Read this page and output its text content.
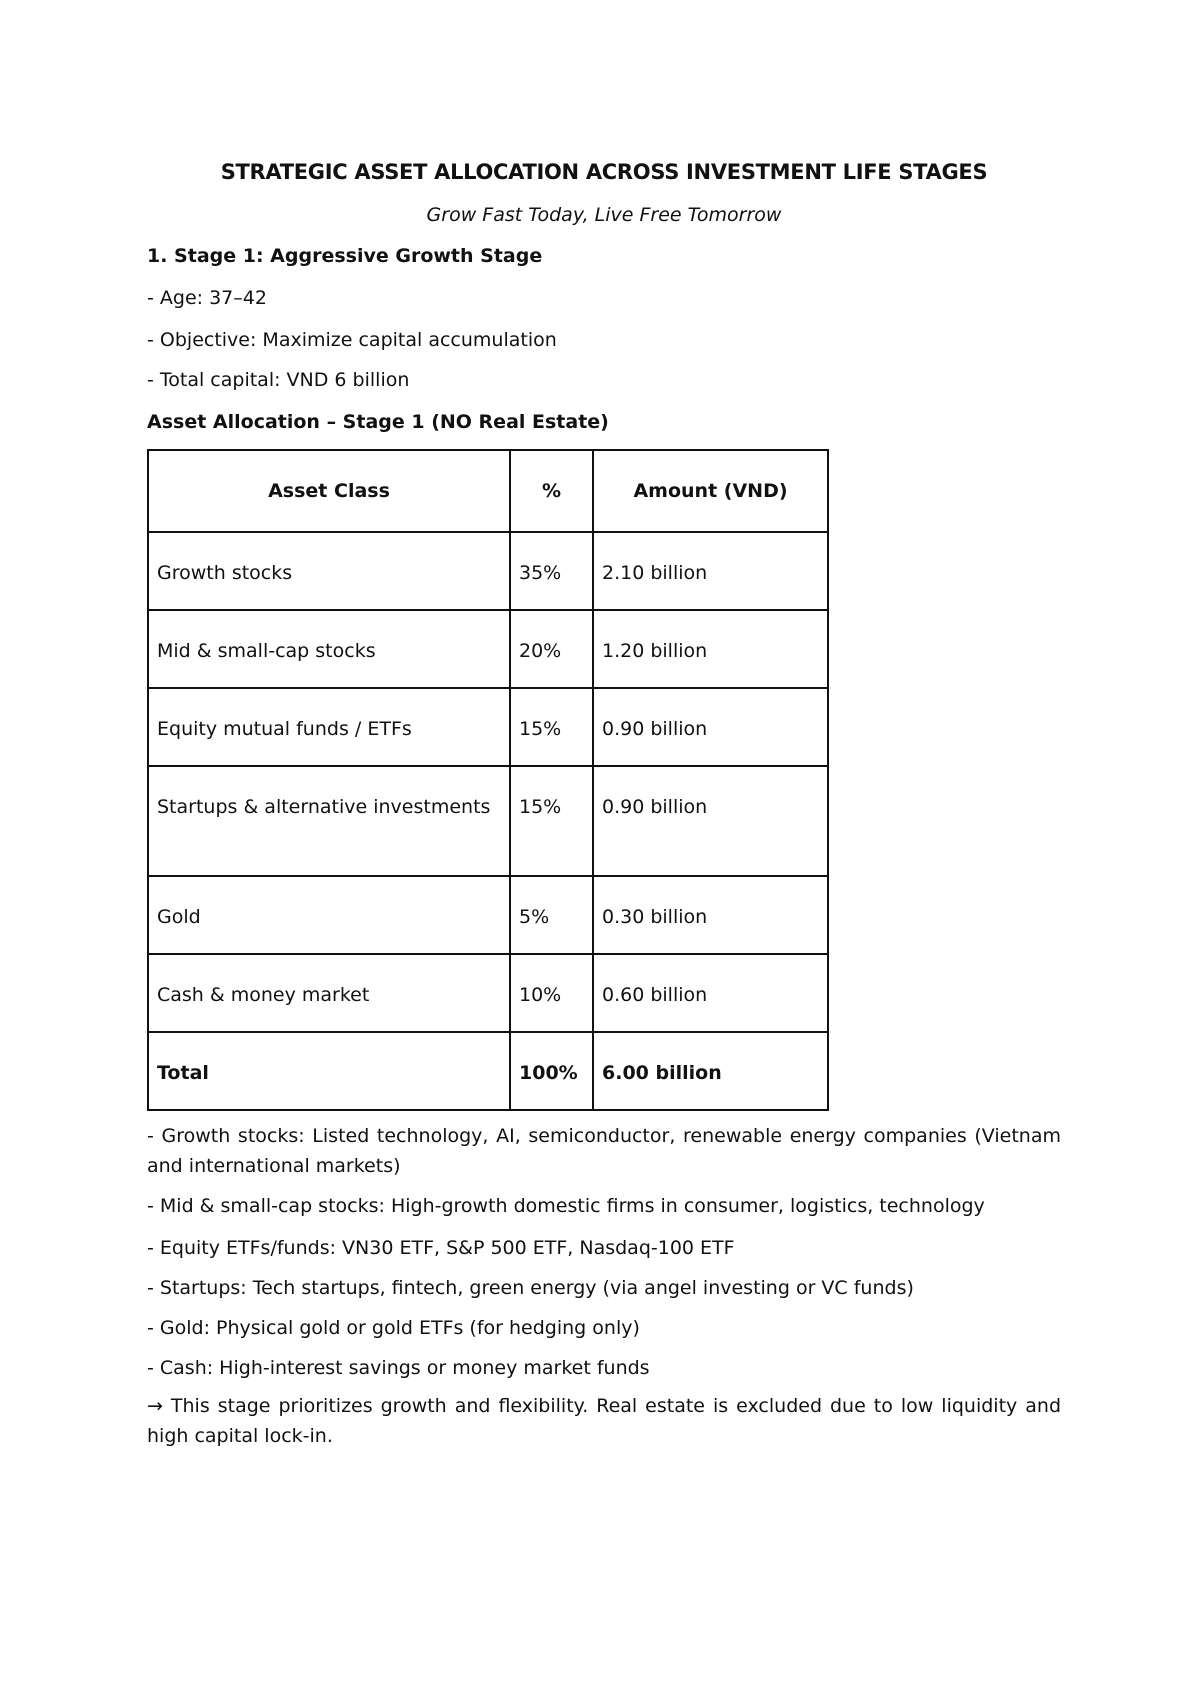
STRATEGIC ASSET ALLOCATION ACROSS INVESTMENT LIFE STAGES

Grow Fast Today, Live Free Tomorrow

1. Stage 1: Aggressive Growth Stage

- Age: 37–42

- Objective: Maximize capital accumulation

- Total capital: VND 6 billion

Asset Allocation – Stage 1 (NO Real Estate)

Asset Class	%	Amount (VND)
Growth stocks	35%	2.10 billion
Mid & small-cap stocks	20%	1.20 billion
Equity mutual funds / ETFs	15%	0.90 billion
Startups & alternative investments	15%	0.90 billion
Gold	5%	0.30 billion
Cash & money market	10%	0.60 billion
Total	100%	6.00 billion

- Growth stocks: Listed technology, AI, semiconductor, renewable energy companies (Vietnam and international markets)

- Mid & small-cap stocks: High-growth domestic firms in consumer, logistics, technology

- Equity ETFs/funds: VN30 ETF, S&P 500 ETF, Nasdaq-100 ETF

- Startups: Tech startups, fintech, green energy (via angel investing or VC funds)

- Gold: Physical gold or gold ETFs (for hedging only)

- Cash: High-interest savings or money market funds

→ This stage prioritizes growth and flexibility. Real estate is excluded due to low liquidity and high capital lock-in.
